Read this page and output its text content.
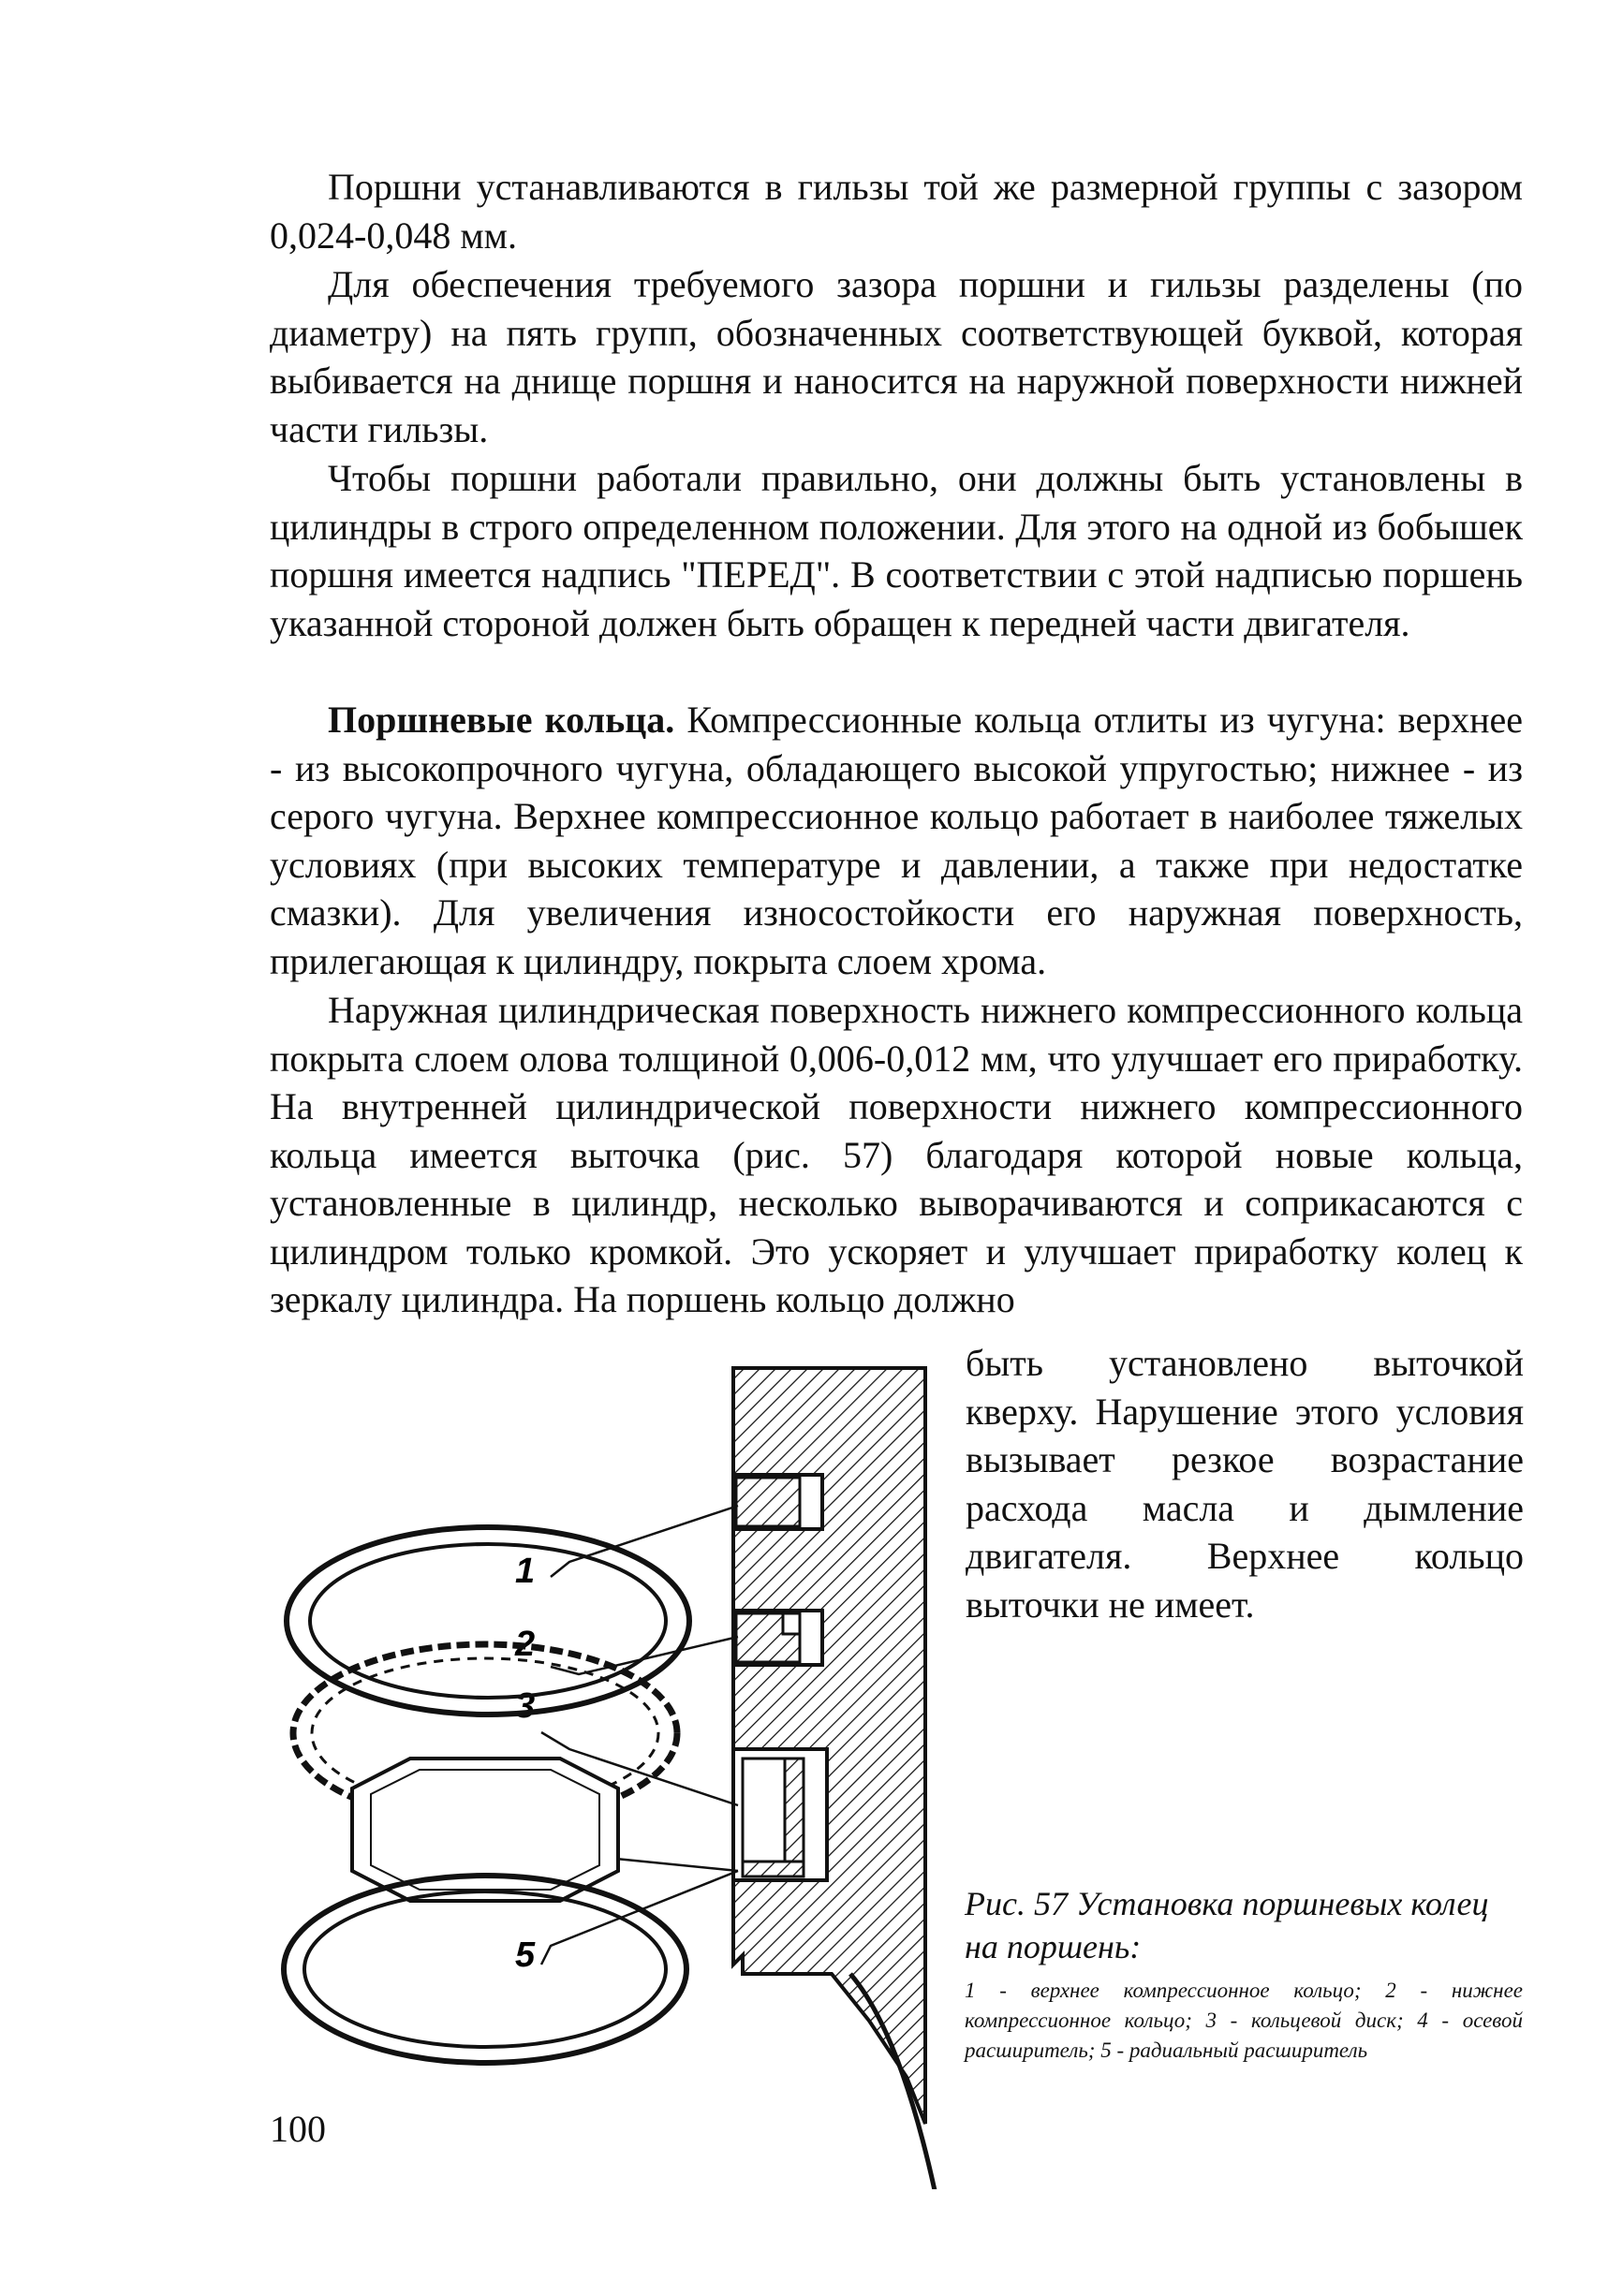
Поршни устанавливаются в гильзы той же размерной группы с зазором 0,024-0,048 мм.

Для обеспечения требуемого зазора поршни и гильзы разделены (по диаметру) на пять групп, обозначенных соответствующей буквой, которая выбивается на днище поршня и наносится на наружной поверхности нижней части гильзы.

Чтобы поршни работали правильно, они должны быть установлены в цилиндры в строго определенном положении. Для этого на одной из бобышек поршня имеется надпись "ПЕРЕД". В соответствии с этой надписью поршень указанной стороной должен быть обращен к передней части двигателя.

Поршневые кольца. Компрессионные кольца отлиты из чугуна: верхнее - из высокопрочного чугуна, обладающего высокой упругостью; нижнее - из серого чугуна. Верхнее компрессионное кольцо работает в наиболее тяжелых условиях (при высоких температуре и давлении, а также при недостатке смазки). Для увеличения износостойкости его наружная поверхность, прилегающая к цилиндру, покрыта слоем хрома.

Наружная цилиндрическая поверхность нижнего компрессионного кольца покрыта слоем олова толщиной 0,006-0,012 мм, что улучшает его приработку. На внутренней цилиндрической поверхности нижнего компрессионного кольца имеется выточка (рис. 57) благодаря которой новые кольца, установленные в цилиндр, несколько выворачиваются и соприкасаются с цилиндром только кромкой. Это ускоряет и улучшает приработку колец к зеркалу цилиндра. На поршень кольцо должно

быть установлено выточкой кверху. Нарушение этого условия вызывает резкое возрастание расхода масла и дымление двигателя. Верхнее кольцо выточки не имеет.

1
2
3
5

Рис. 57 Установка поршневых колец на поршень:

1 - верхнее компрессионное кольцо; 2 - нижнее компрессионное кольцо; 3 - кольцевой диск; 4 - осевой расширитель; 5 - радиальный расширитель

100
